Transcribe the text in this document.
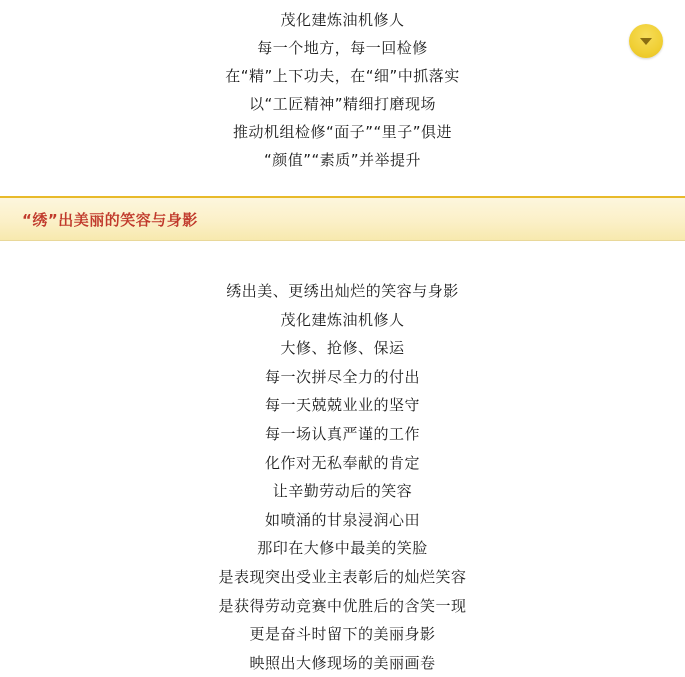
茂化建炼油机修人
每一个地方，每一回检修
在“精”上下功夫，在“细”中抓落实
以“工匠精神”精细打磨现场
推动机组检修“面子”“里子”俱进
“颜值”“素质”并举提升
“绣”出美丽的笑容与身影
绣出美、更绣出灿烂的笑容与身影
茂化建炼油机修人
大修、抢修、保运
每一次拼尽全力的付出
每一天兢兢业业的坚守
每一场认真严谨的工作
化作对无私奉献的肯定
让辛勤劳动后的笑容
如喷涌的甘泉浸润心田
那印在大修中最美的笑脸
是表现突出受业主表彰后的灿烂笑容
是获得劳动竞赛中优胜后的含笑一现
更是奋斗时留下的美丽身影
映照出大修现场的美丽画卷
